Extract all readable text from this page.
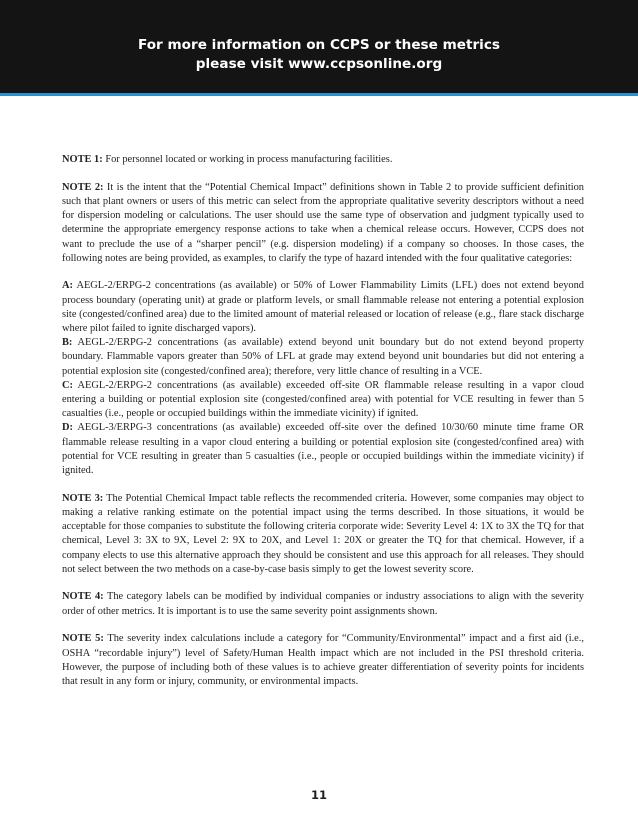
For more information on CCPS or these metrics
please visit www.ccpsonline.org

NOTE 1: For personnel located or working in process manufacturing facilities.

NOTE 2: It is the intent that the “Potential Chemical Impact” definitions shown in Table 2 to provide sufficient definition such that plant owners or users of this metric can select from the appropriate qualitative severity descriptors without a need for dispersion modeling or calculations. The user should use the same type of observation and judgment typically used to determine the appropriate emergency response actions to take when a chemical release occurs. However, CCPS does not want to preclude the use of a “sharper pencil” (e.g. dispersion modeling) if a company so chooses. In those cases, the following notes are being provided, as examples, to clarify the type of hazard intended with the four qualitative categories:

A: AEGL-2/ERPG-2 concentrations (as available) or 50% of Lower Flammability Limits (LFL) does not extend beyond process boundary (operating unit) at grade or platform levels, or small flammable release not entering a potential explosion site (congested/confined area) due to the limited amount of material released or location of release (e.g., flare stack discharge where pilot failed to ignite discharged vapors).

B: AEGL-2/ERPG-2 concentrations (as available) extend beyond unit boundary but do not extend beyond property boundary. Flammable vapors greater than 50% of LFL at grade may extend beyond unit boundaries but did not entering a potential explosion site (congested/confined area); therefore, very little chance of resulting in a VCE.

C: AEGL-2/ERPG-2 concentrations (as available) exceeded off-site OR flammable release resulting in a vapor cloud entering a building or potential explosion site (congested/confined area) with potential for VCE resulting in fewer than 5 casualties (i.e., people or occupied buildings within the immediate vicinity) if ignited.

D: AEGL-3/ERPG-3 concentrations (as available) exceeded off-site over the defined 10/30/60 minute time frame OR flammable release resulting in a vapor cloud entering a building or potential explosion site (congested/confined area) with potential for VCE resulting in greater than 5 casualties (i.e., people or occupied buildings within the immediate vicinity) if ignited.

NOTE 3: The Potential Chemical Impact table reflects the recommended criteria. However, some companies may object to making a relative ranking estimate on the potential impact using the terms described. In those situations, it would be acceptable for those companies to substitute the following criteria corporate wide: Severity Level 4: 1X to 3X the TQ for that chemical, Level 3: 3X to 9X, Level 2: 9X to 20X, and Level 1: 20X or greater the TQ for that chemical. However, if a company elects to use this alternative approach they should be consistent and use this approach for all releases. They should not select between the two methods on a case-by-case basis simply to get the lowest severity score.

NOTE 4: The category labels can be modified by individual companies or industry associations to align with the severity order of other metrics. It is important is to use the same severity point assignments shown.

NOTE 5: The severity index calculations include a category for “Community/Environmental” impact and a first aid (i.e., OSHA “recordable injury”) level of Safety/Human Health impact which are not included in the PSI threshold criteria. However, the purpose of including both of these values is to achieve greater differentiation of severity points for incidents that result in any form or injury, community, or environmental impacts.

11
